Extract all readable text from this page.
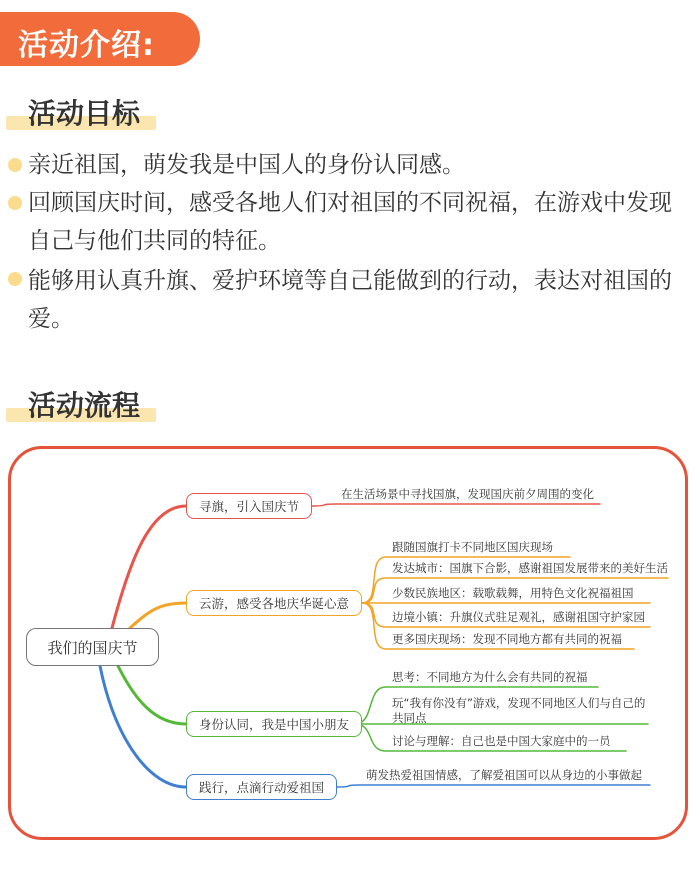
活动介绍:
活动目标
亲近祖国，萌发我是中国人的身份认同感。
回顾国庆时间，感受各地人们对祖国的不同祝福，在游戏中发现自己与他们共同的特征。
能够用认真升旗、爱护环境等自己能做到的行动，表达对祖国的爱。
活动流程
我们的国庆节
寻旗，引入国庆节
云游，感受各地庆华诞心意
身份认同，我是中国小朋友
践行，点滴行动爱祖国
在生活场景中寻找国旗，发现国庆前夕周围的变化
跟随国旗打卡不同地区国庆现场
发达城市：国旗下合影，感谢祖国发展带来的美好生活
少数民族地区：载歌载舞，用特色文化祝福祖国
边境小镇：升旗仪式驻足观礼，感谢祖国守护家园
更多国庆现场：发现不同地方都有共同的祝福
思考：不同地方为什么会有共同的祝福
玩“我有你没有”游戏，发现不同地区人们与自己的共同点
讨论与理解：自己也是中国大家庭中的一员
萌发热爱祖国情感，了解爱祖国可以从身边的小事做起
